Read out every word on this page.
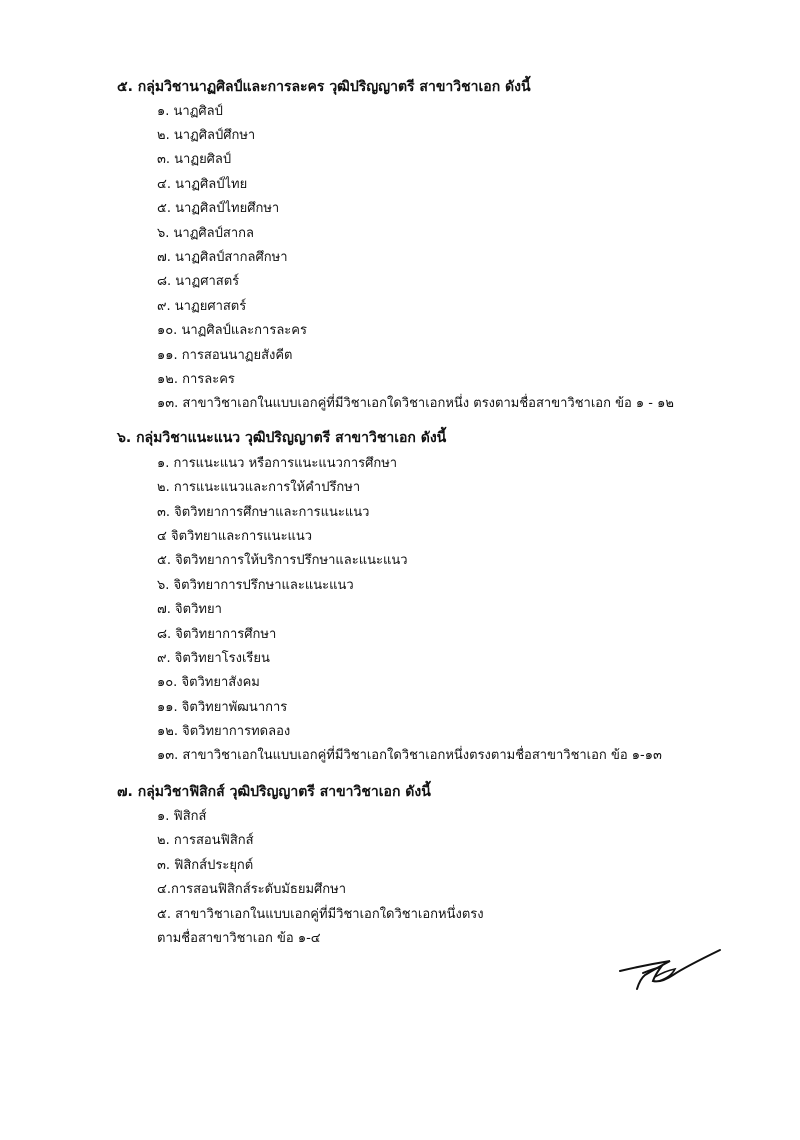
๕. กลุ่มวิชานาฏศิลป์และการละคร วุฒิปริญญาตรี สาขาวิชาเอก ดังนี้
๑. นาฏศิลป์
๒. นาฏศิลป์ศึกษา
๓. นาฏยศิลป์
๔. นาฏศิลป์ไทย
๕. นาฏศิลป์ไทยศึกษา
๖. นาฏศิลป์สากล
๗. นาฏศิลป์สากลศึกษา
๘. นาฏศาสตร์
๙. นาฏยศาสตร์
๑๐. นาฏศิลป์และการละคร
๑๑. การสอนนาฏยสังคีต
๑๒. การละคร
๑๓. สาขาวิชาเอกในแบบเอกคู่ที่มีวิชาเอกใดวิชาเอกหนึ่ง ตรงตามชื่อสาขาวิชาเอก ข้อ ๑ - ๑๒
๖. กลุ่มวิชาแนะแนว วุฒิปริญญาตรี สาขาวิชาเอก ดังนี้
๑. การแนะแนว หรือการแนะแนวการศึกษา
๒. การแนะแนวและการให้คำปรึกษา
๓. จิตวิทยาการศึกษาและการแนะแนว
๔ จิตวิทยาและการแนะแนว
๕. จิตวิทยาการให้บริการปรึกษาและแนะแนว
๖. จิตวิทยาการปรึกษาและแนะแนว
๗. จิตวิทยา
๘. จิตวิทยาการศึกษา
๙. จิตวิทยาโรงเรียน
๑๐. จิตวิทยาสังคม
๑๑. จิตวิทยาพัฒนาการ
๑๒. จิตวิทยาการทดลอง
๑๓. สาขาวิชาเอกในแบบเอกคู่ที่มีวิชาเอกใดวิชาเอกหนึ่งตรงตามชื่อสาขาวิชาเอก ข้อ ๑-๑๓
๗. กลุ่มวิชาฟิสิกส์ วุฒิปริญญาตรี สาขาวิชาเอก ดังนี้
๑. ฟิสิกส์
๒. การสอนฟิสิกส์
๓. ฟิสิกส์ประยุกต์
๔.การสอนฟิสิกส์ระดับมัธยมศึกษา
๕. สาขาวิชาเอกในแบบเอกคู่ที่มีวิชาเอกใดวิชาเอกหนึ่งตรง
ตามชื่อสาขาวิชาเอก ข้อ ๑-๔
